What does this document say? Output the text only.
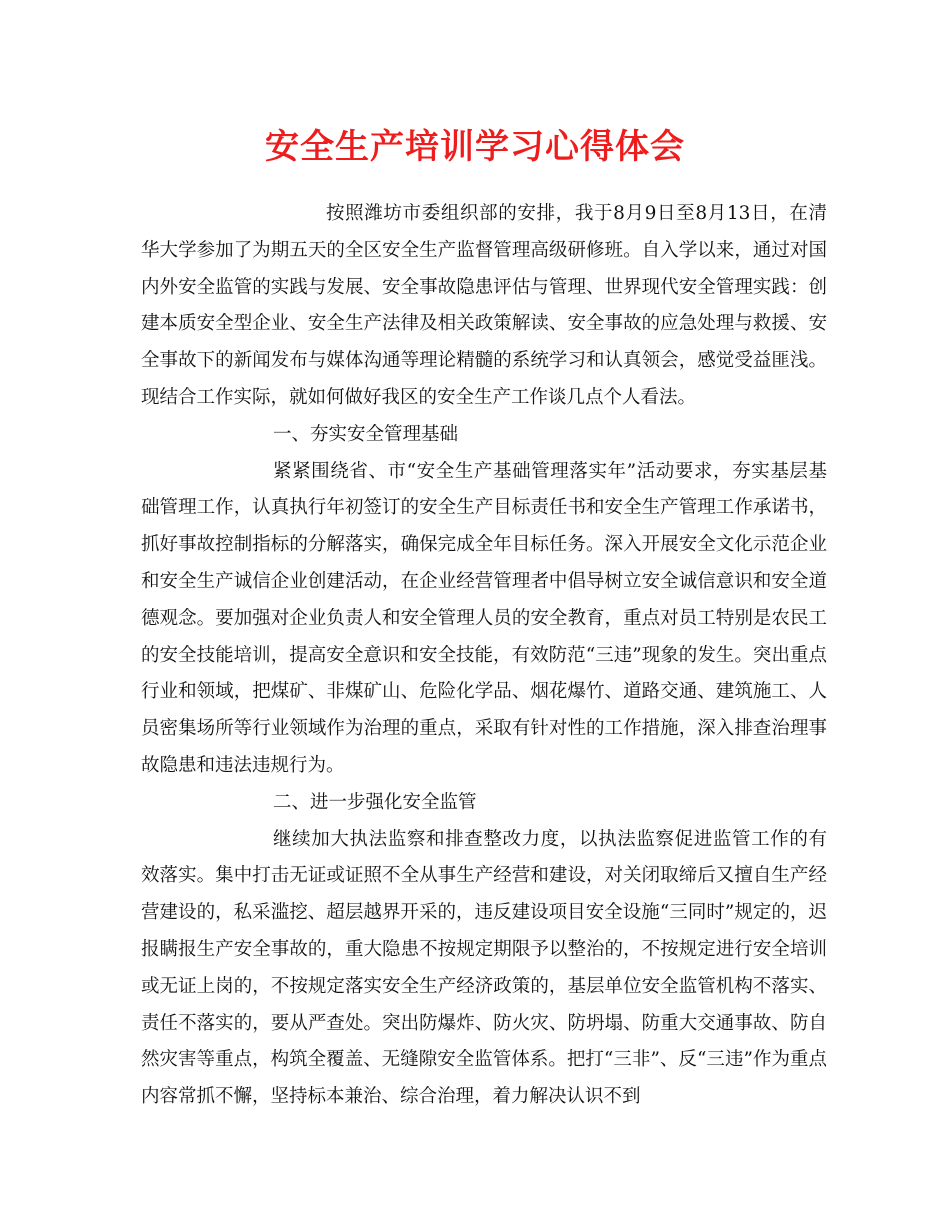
安全生产培训学习心得体会

按照潍坊市委组织部的安排，我于8月9日至8月13日，在清华大学参加了为期五天的全区安全生产监督管理高级研修班。自入学以来，通过对国内外安全监管的实践与发展、安全事故隐患评估与管理、世界现代安全管理实践：创建本质安全型企业、安全生产法律及相关政策解读、安全事故的应急处理与救援、安全事故下的新闻发布与媒体沟通等理论精髓的系统学习和认真领会，感觉受益匪浅。现结合工作实际，就如何做好我区的安全生产工作谈几点个人看法。

一、夯实安全管理基础

紧紧围绕省、市“安全生产基础管理落实年”活动要求，夯实基层基础管理工作，认真执行年初签订的安全生产目标责任书和安全生产管理工作承诺书，抓好事故控制指标的分解落实，确保完成全年目标任务。深入开展安全文化示范企业和安全生产诚信企业创建活动，在企业经营管理者中倡导树立安全诚信意识和安全道德观念。要加强对企业负责人和安全管理人员的安全教育，重点对员工特别是农民工的安全技能培训，提高安全意识和安全技能，有效防范“三违”现象的发生。突出重点行业和领域，把煤矿、非煤矿山、危险化学品、烟花爆竹、道路交通、建筑施工、人员密集场所等行业领域作为治理的重点，采取有针对性的工作措施，深入排查治理事故隐患和违法违规行为。

二、进一步强化安全监管

继续加大执法监察和排查整改力度，以执法监察促进监管工作的有效落实。集中打击无证或证照不全从事生产经营和建设，对关闭取缔后又擅自生产经营建设的，私采滥挖、超层越界开采的，违反建设项目安全设施“三同时”规定的，迟报瞒报生产安全事故的，重大隐患不按规定期限予以整治的，不按规定进行安全培训或无证上岗的，不按规定落实安全生产经济政策的，基层单位安全监管机构不落实、责任不落实的，要从严查处。突出防爆炸、防火灾、防坍塌、防重大交通事故、防自然灾害等重点，构筑全覆盖、无缝隙安全监管体系。把打“三非”、反“三违”作为重点内容常抓不懈，坚持标本兼治、综合治理，着力解决认识不到
